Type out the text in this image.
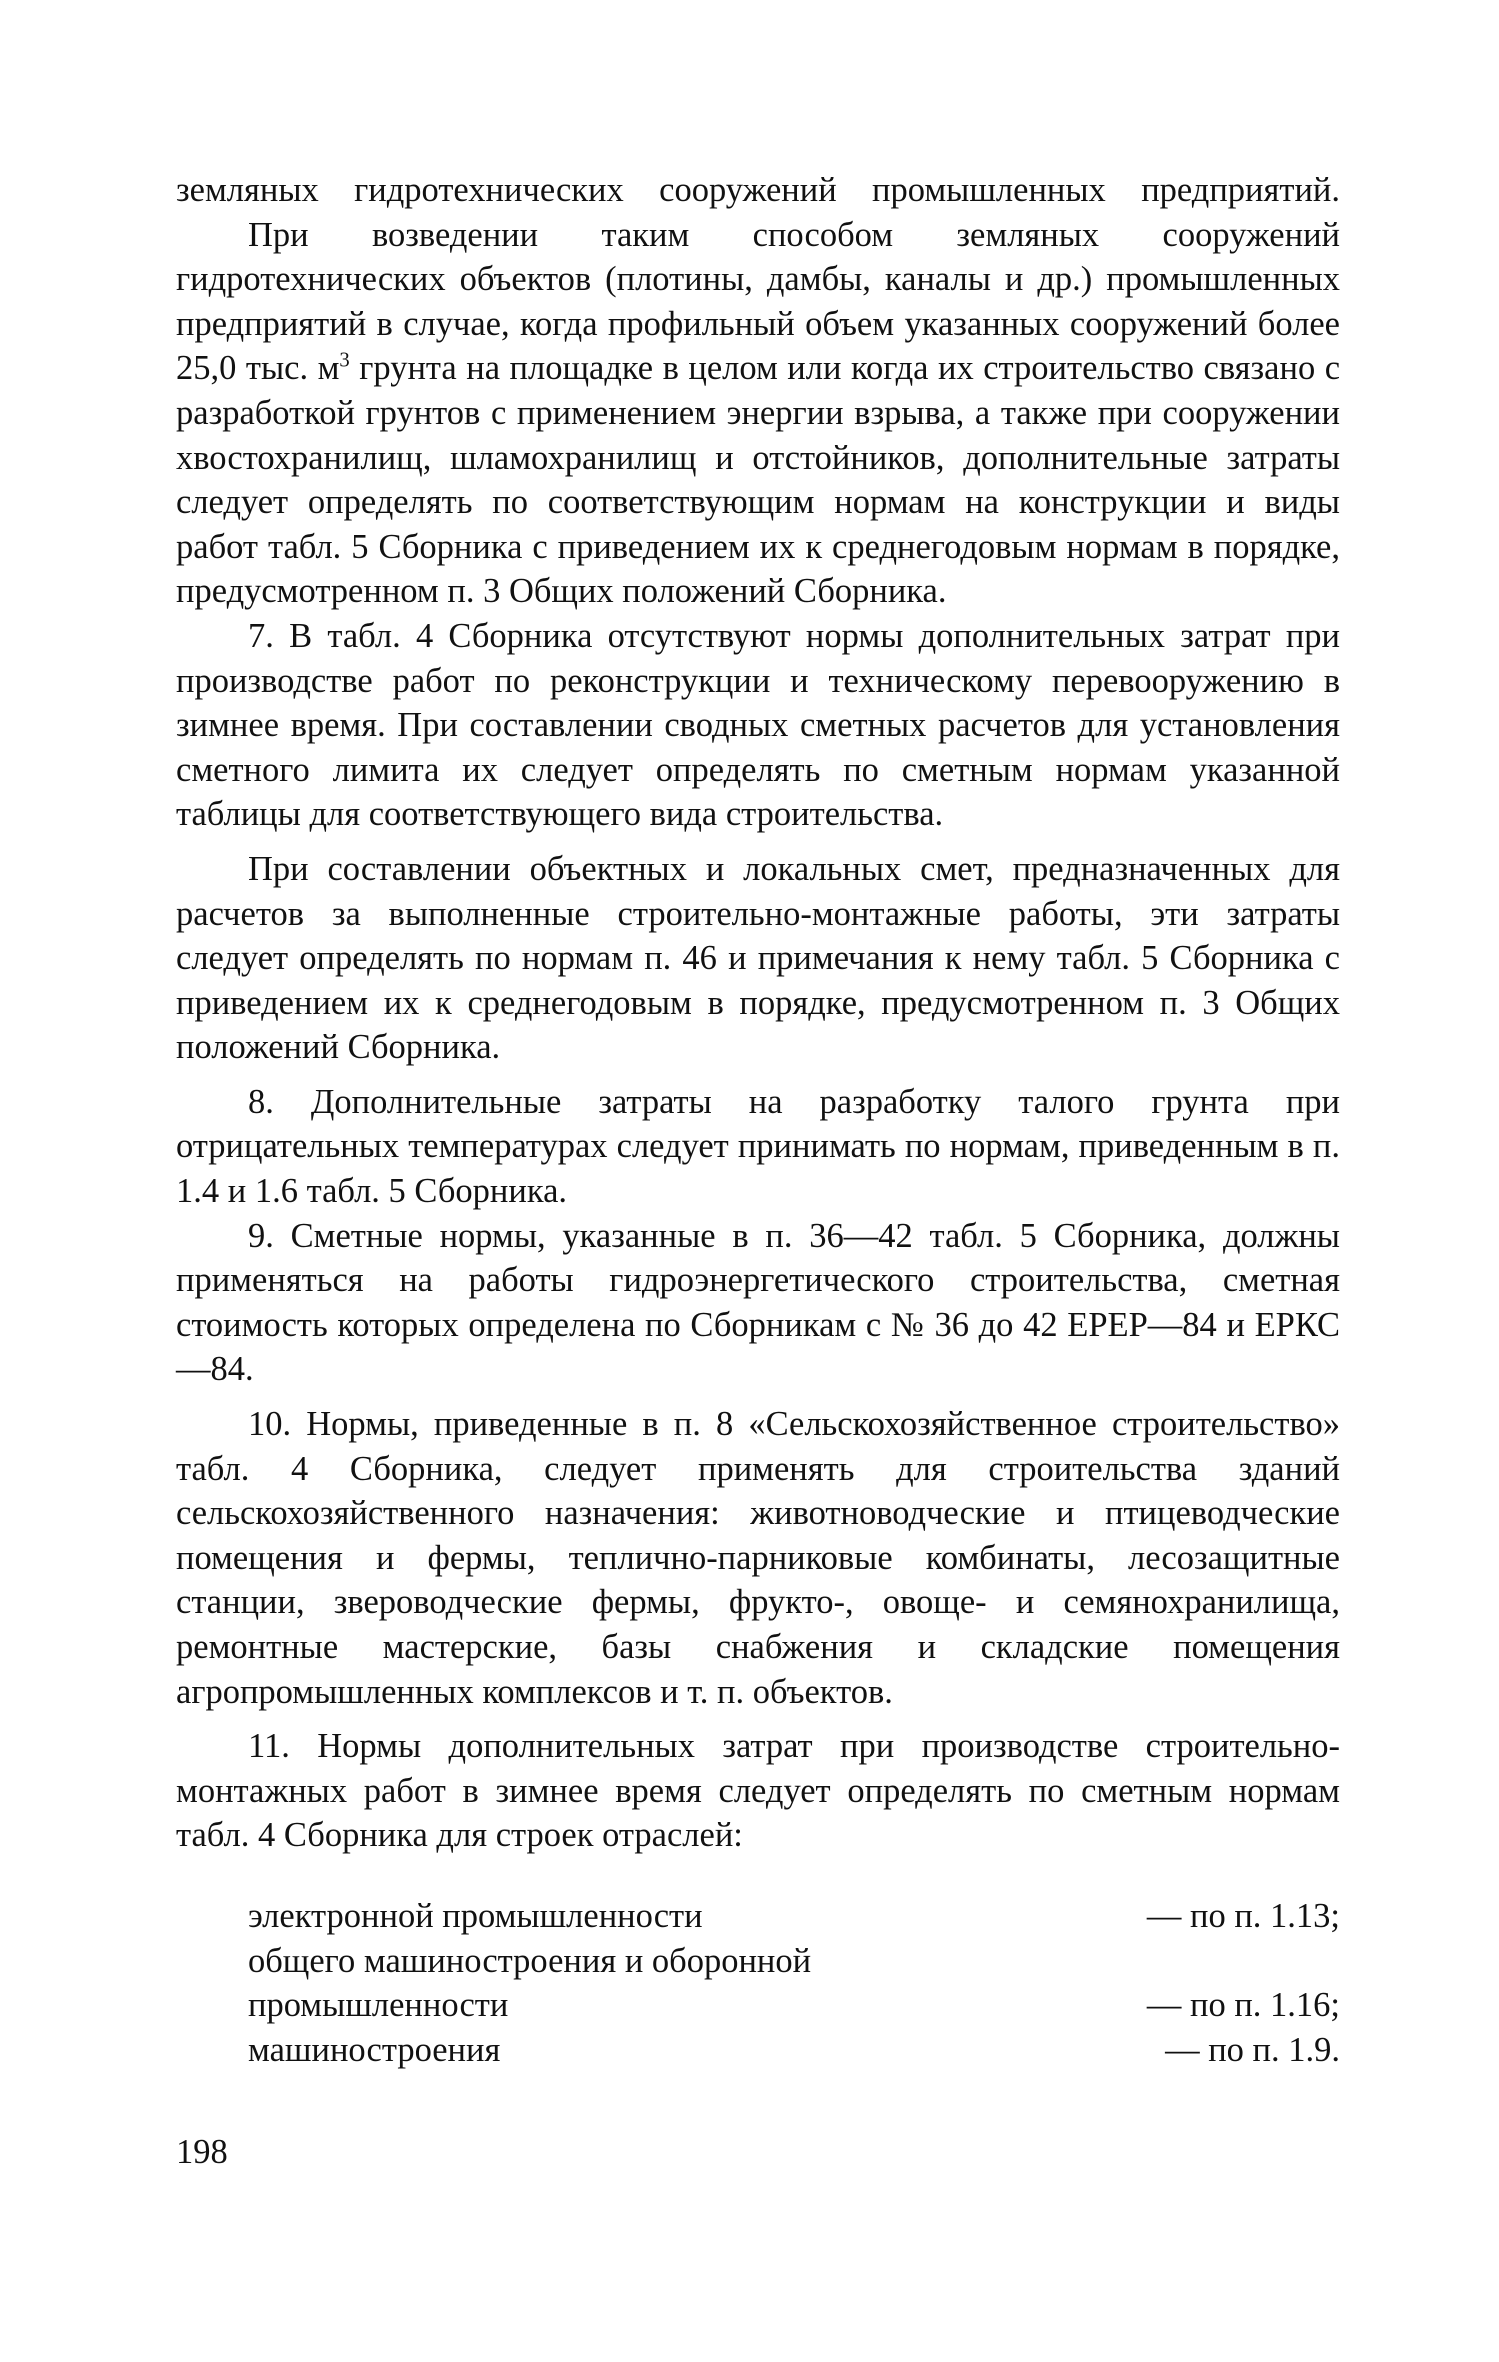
земляных гидротехнических сооружений промышленных предприятий.

При возведении таким способом земляных сооружений гидротехнических объектов (плотины, дамбы, каналы и др.) промышленных предприятий в случае, когда профильный объем указанных сооружений более 25,0 тыс. $м^3$ грунта на площадке в целом или когда их строительство связано с разработкой грунтов с применением энергии взрыва, а также при сооружении хвостохранилищ, шламохранилищ и отстойников, дополнительные затраты следует определять по соответствующим нормам на конструкции и виды работ табл. 5 Сборника с приведением их к среднегодовым нормам в порядке, предусмотренном п. 3 Общих положений Сборника.

7. В табл. 4 Сборника отсутствуют нормы дополнительных затрат при производстве работ по реконструкции и техническому перевооружению в зимнее время. При составлении сводных сметных расчетов для установления сметного лимита их следует определять по сметным нормам указанной таблицы для соответствующего вида строительства.

При составлении объектных и локальных смет, предназначенных для расчетов за выполненные строительно-монтажные работы, эти затраты следует определять по нормам п. 46 и примечания к нему табл. 5 Сборника с приведением их к среднегодовым в порядке, предусмотренном п. 3 Общих положений Сборника.

8. Дополнительные затраты на разработку талого грунта при отрицательных температурах следует принимать по нормам, приведенным в п. 1.4 и 1.6 табл. 5 Сборника.

9. Сметные нормы, указанные в п. 36—42 табл. 5 Сборника, должны применяться на работы гидроэнергетического строительства, сметная стоимость которых определена по Сборникам с № 36 до 42 ЕРЕР—84 и ЕРКС—84.

10. Нормы, приведенные в п. 8 «Сельскохозяйственное строительство» табл. 4 Сборника, следует применять для строительства зданий сельскохозяйственного назначения: животноводческие и птицеводческие помещения и фермы, теплично-парниковые комбинаты, лесозащитные станции, звероводческие фермы, фрукто-, овоще- и семянохранилища, ремонтные мастерские, базы снабжения и складские помещения агропромышленных комплексов и т. п. объектов.

11. Нормы дополнительных затрат при производстве строительно-монтажных работ в зимнее время следует определять по сметным нормам табл. 4 Сборника для строек отраслей:

электронной промышленности	— по п. 1.13;
общего машиностроения и оборонной
промышленности	— по п. 1.16;
машиностроения	— по п. 1.9.
198
